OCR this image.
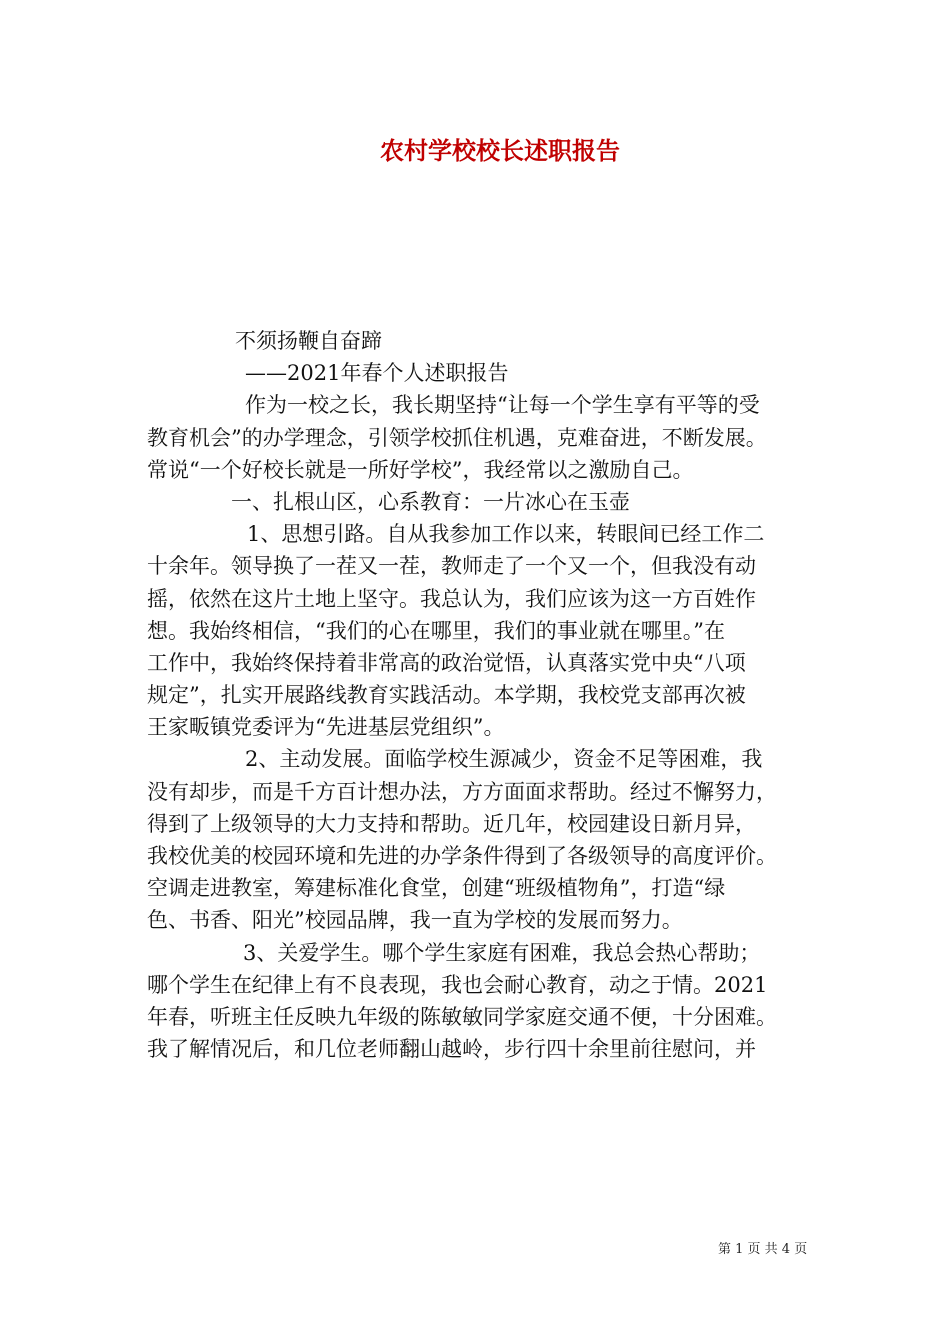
农村学校校长述职报告
不须扬鞭自奋蹄
——2021年春个人述职报告
作为一校之长，我长期坚持“让每一个学生享有平等的受
教育机会”的办学理念，引领学校抓住机遇，克难奋进，不断发展。
常说“一个好校长就是一所好学校”，我经常以之激励自己。
一、扎根山区，心系教育：一片冰心在玉壶
1、思想引路。自从我参加工作以来，转眼间已经工作二
十余年。领导换了一茬又一茬，教师走了一个又一个，但我没有动
摇，依然在这片土地上坚守。我总认为，我们应该为这一方百姓作
想。我始终相信，“我们的心在哪里，我们的事业就在哪里。”在
工作中，我始终保持着非常高的政治觉悟，认真落实党中央“八项
规定”，扎实开展路线教育实践活动。本学期，我校党支部再次被
王家畈镇党委评为“先进基层党组织”。
2、主动发展。面临学校生源减少，资金不足等困难，我
没有却步，而是千方百计想办法，方方面面求帮助。经过不懈努力，
得到了上级领导的大力支持和帮助。近几年，校园建设日新月异，
我校优美的校园环境和先进的办学条件得到了各级领导的高度评价。
空调走进教室，筹建标准化食堂，创建“班级植物角”，打造“绿
色、书香、阳光”校园品牌，我一直为学校的发展而努力。
3、关爱学生。哪个学生家庭有困难，我总会热心帮助；
哪个学生在纪律上有不良表现，我也会耐心教育，动之于情。2021
年春，听班主任反映九年级的陈敏敏同学家庭交通不便，十分困难。
我了解情况后，和几位老师翻山越岭，步行四十余里前往慰问，并
第 1 页 共 4 页
